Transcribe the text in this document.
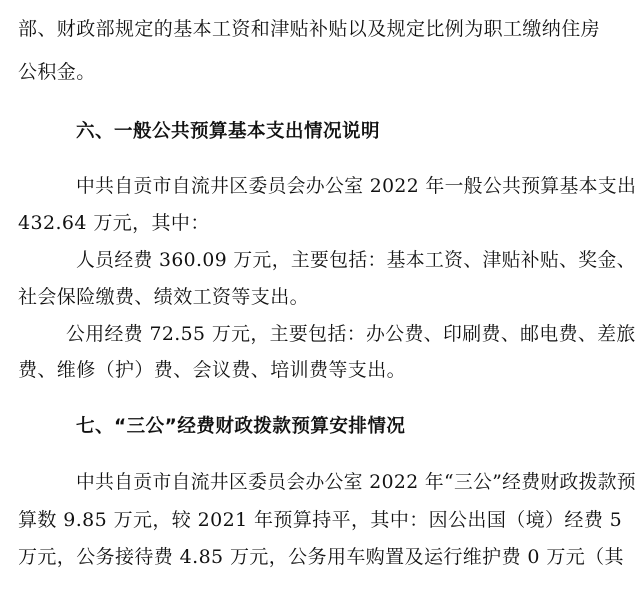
部、财政部规定的基本工资和津贴补贴以及规定比例为职工缴纳住房
公积金。
六、一般公共预算基本支出情况说明
中共自贡市自流井区委员会办公室 2022 年一般公共预算基本支出
432.64 万元，其中：
人员经费 360.09 万元，主要包括：基本工资、津贴补贴、奖金、
社会保险缴费、绩效工资等支出。
公用经费 72.55 万元，主要包括：办公费、印刷费、邮电费、差旅
费、维修（护）费、会议费、培训费等支出。
七、“三公”经费财政拨款预算安排情况
中共自贡市自流井区委员会办公室 2022 年“三公”经费财政拨款预
算数 9.85 万元，较 2021 年预算持平，其中：因公出国（境）经费 5
万元，公务接待费 4.85 万元，公务用车购置及运行维护费 0 万元（其
